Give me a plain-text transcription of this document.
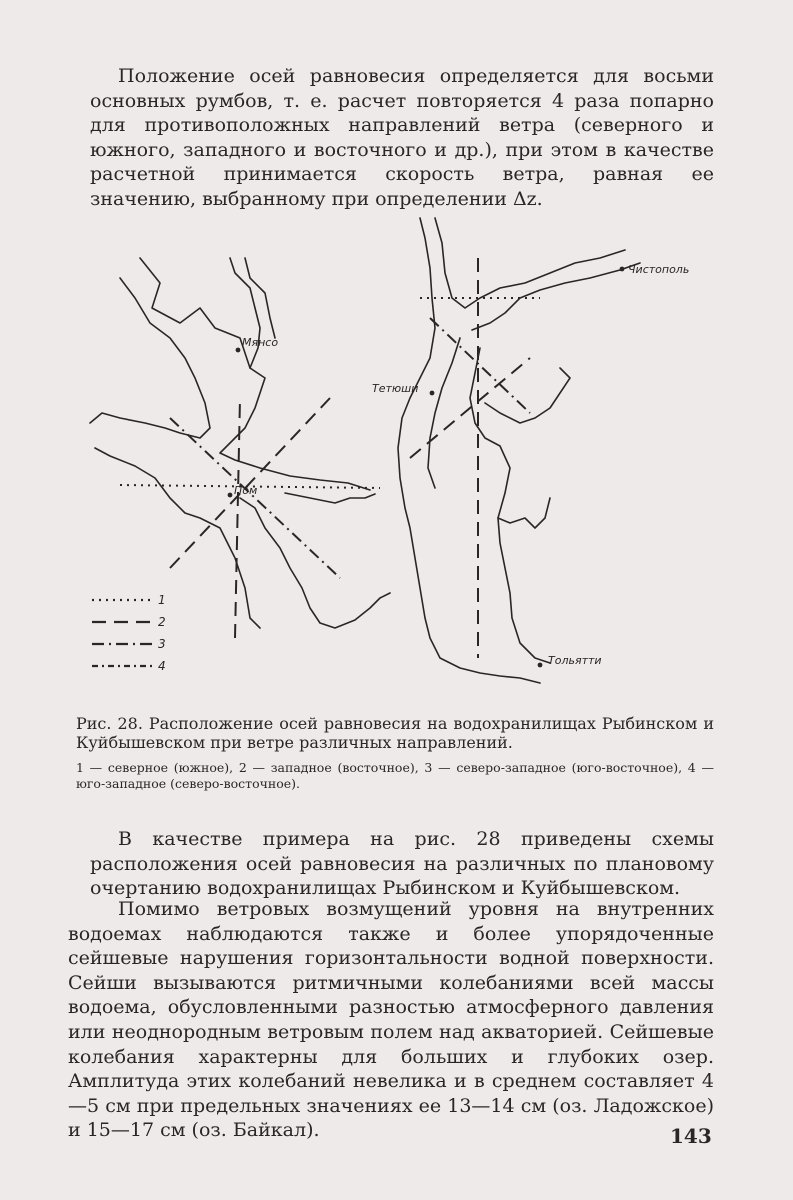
Положение осей равновесия определяется для восьми основных румбов, т. е. расчет повторяется 4 раза попарно для противоположных направлений ветра (северного и южного, западного и восточного и др.), при этом в качестве расчетной принимается скорость ветра, равная ее значению, выбранному при определении Δz.

Мянсо
Пом
Тетюши
Чистополь
Тольятти
1
2
3
4

Рис. 28. Расположение осей равновесия на водохранилищах Рыбинском и Куйбышевском при ветре различных направлений.

1 — северное (южное), 2 — западное (восточное), 3 — северо-западное (юго-восточное), 4 — юго-западное (северо-восточное).

В качестве примера на рис. 28 приведены схемы расположения осей равновесия на различных по плановому очертанию водохранилищах Рыбинском и Куйбышевском.

Помимо ветровых возмущений уровня на внутренних водоемах наблюдаются также и более упорядоченные сейшевые нарушения горизонтальности водной поверхности. Сейши вызываются ритмичными колебаниями всей массы водоема, обусловленными разностью атмосферного давления или неоднородным ветровым полем над акваторией. Сейшевые колебания характерны для больших и глубоких озер. Амплитуда этих колебаний невелика и в среднем составляет 4—5 см при предельных значениях ее 13—14 см (оз. Ладожское) и 15—17 см (оз. Байкал).	143
